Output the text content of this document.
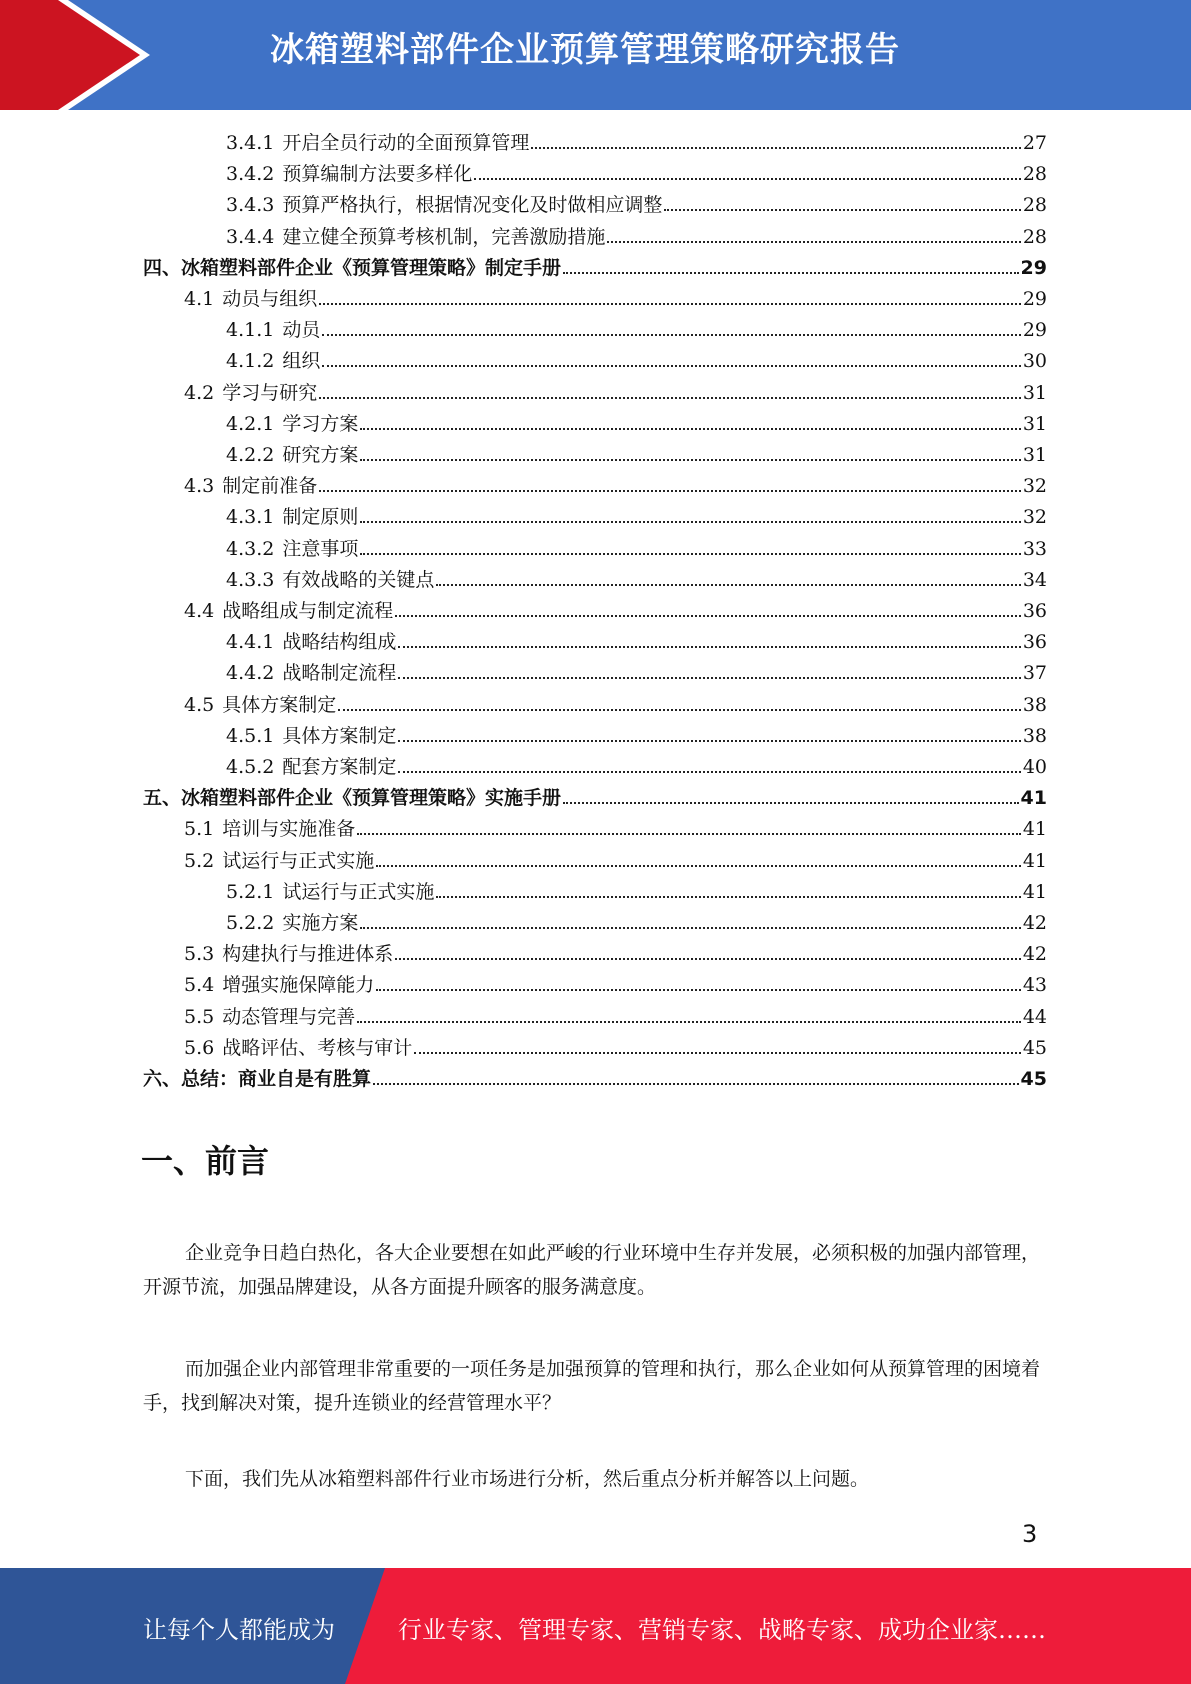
冰箱塑料部件企业预算管理策略研究报告
3.4.1 开启全员行动的全面预算管理	27
3.4.2 预算编制方法要多样化	28
3.4.3 预算严格执行，根据情况变化及时做相应调整	28
3.4.4 建立健全预算考核机制，完善激励措施	28
四、冰箱塑料部件企业《预算管理策略》制定手册	29
4.1 动员与组织	29
4.1.1 动员	29
4.1.2 组织	30
4.2 学习与研究	31
4.2.1 学习方案	31
4.2.2 研究方案	31
4.3 制定前准备	32
4.3.1 制定原则	32
4.3.2 注意事项	33
4.3.3 有效战略的关键点	34
4.4 战略组成与制定流程	36
4.4.1 战略结构组成	36
4.4.2 战略制定流程	37
4.5 具体方案制定	38
4.5.1 具体方案制定	38
4.5.2 配套方案制定	40
五、冰箱塑料部件企业《预算管理策略》实施手册	41
5.1 培训与实施准备	41
5.2 试运行与正式实施	41
5.2.1 试运行与正式实施	41
5.2.2 实施方案	42
5.3 构建执行与推进体系	42
5.4 增强实施保障能力	43
5.5 动态管理与完善	44
5.6 战略评估、考核与审计	45
六、总结：商业自是有胜算	45
一、前言
企业竞争日趋白热化，各大企业要想在如此严峻的行业环境中生存并发展，必须积极的加强内部管理，开源节流，加强品牌建设，从各方面提升顾客的服务满意度。
而加强企业内部管理非常重要的一项任务是加强预算的管理和执行，那么企业如何从预算管理的困境着手，找到解决对策，提升连锁业的经营管理水平？
下面，我们先从冰箱塑料部件行业市场进行分析，然后重点分析并解答以上问题。
3
让每个人都能成为	行业专家、管理专家、营销专家、战略专家、成功企业家……
